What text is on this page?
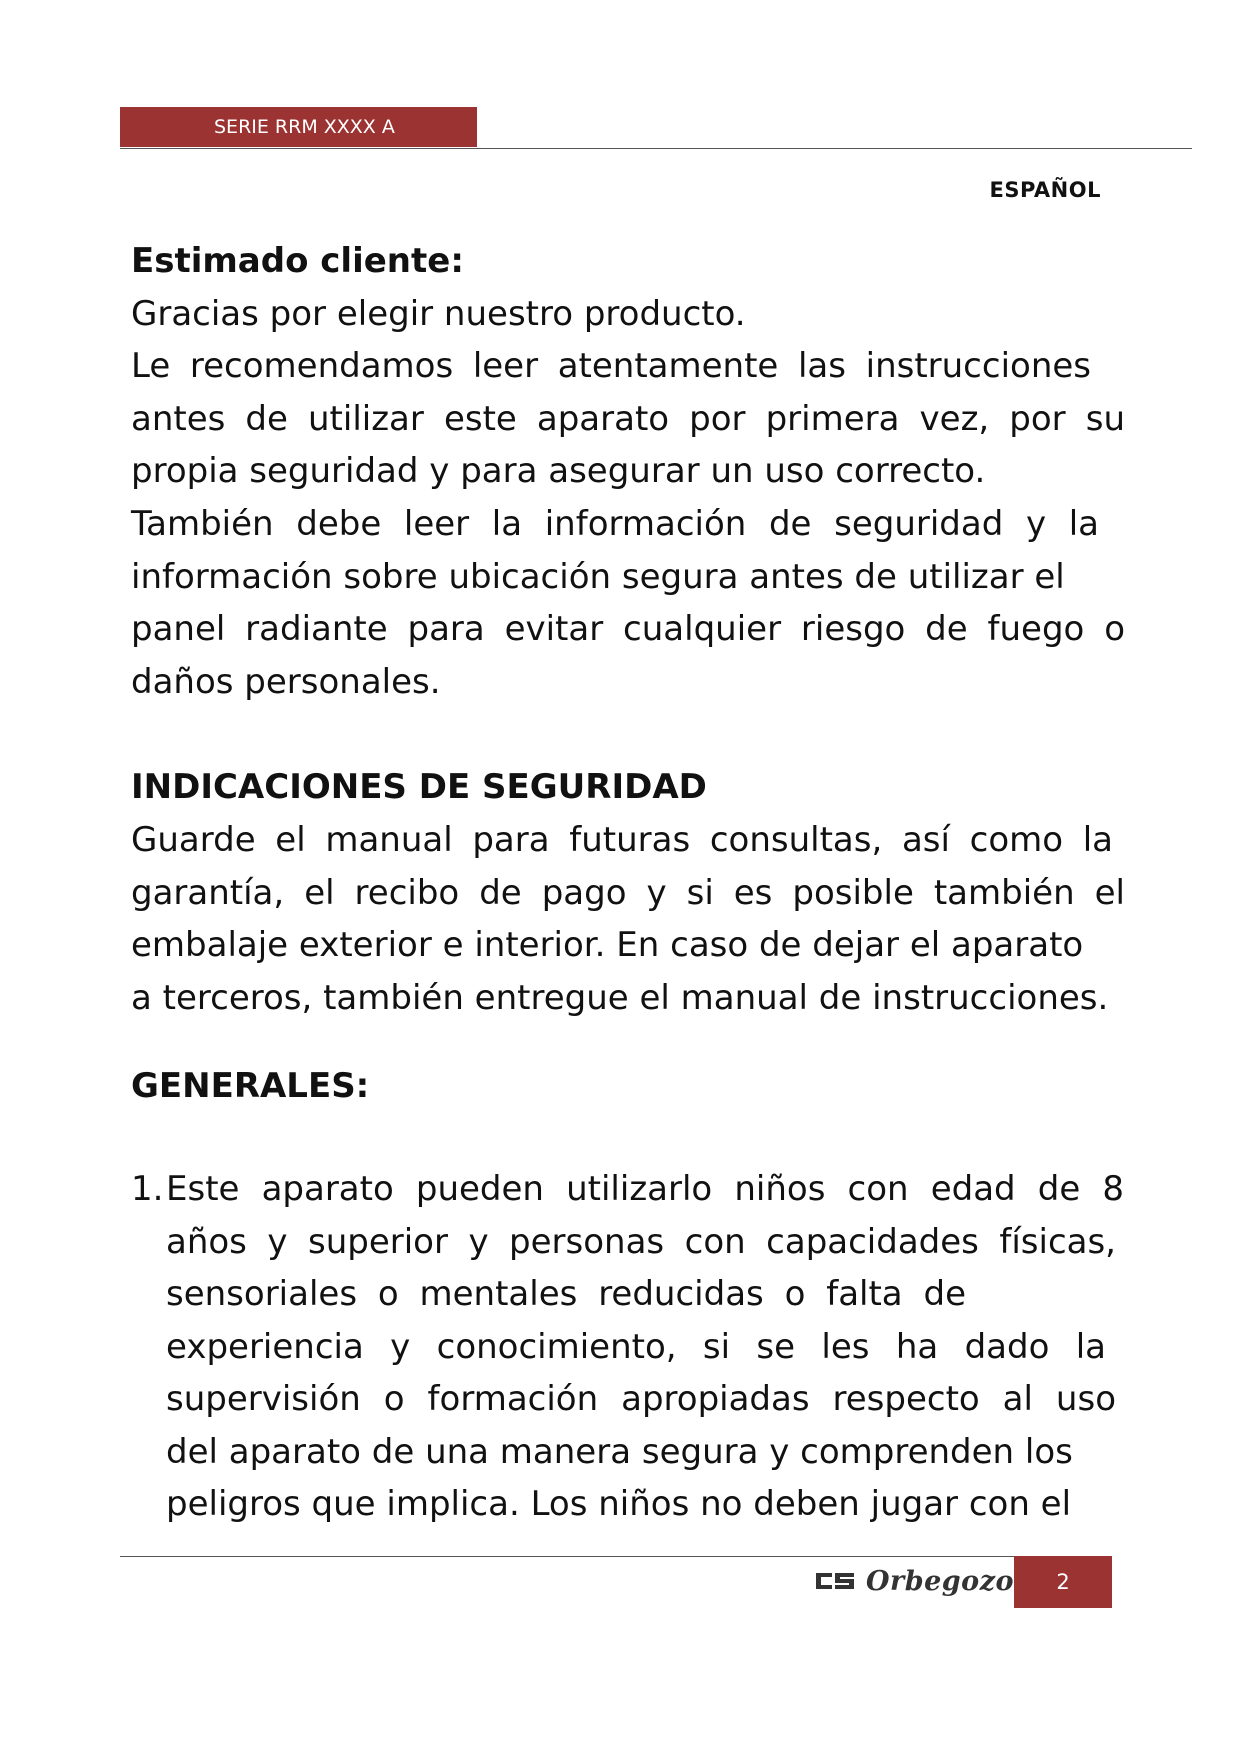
SERIE RRM XXXX A
ESPAÑOL

Estimado cliente:

Gracias por elegir nuestro producto.
Le recomendamos leer atentamente las instrucciones
antes de utilizar este aparato por primera vez, por su
propia seguridad y para asegurar un uso correcto.
También debe leer la información de seguridad y la
información sobre ubicación segura antes de utilizar el
panel radiante para evitar cualquier riesgo de fuego o
daños personales.

INDICACIONES DE SEGURIDAD

Guarde el manual para futuras consultas, así como la
garantía, el recibo de pago y si es posible también el
embalaje exterior e interior. En caso de dejar el aparato
a terceros, también entregue el manual de instrucciones.

GENERALES:

1. Este aparato pueden utilizarlo niños con edad de 8
años y superior y personas con capacidades físicas,
sensoriales o mentales reducidas o falta de
experiencia y conocimiento, si se les ha dado la
supervisión o formación apropiadas respecto al uso
del aparato de una manera segura y comprenden los
peligros que implica. Los niños no deben jugar con el
Orbegozo	2
